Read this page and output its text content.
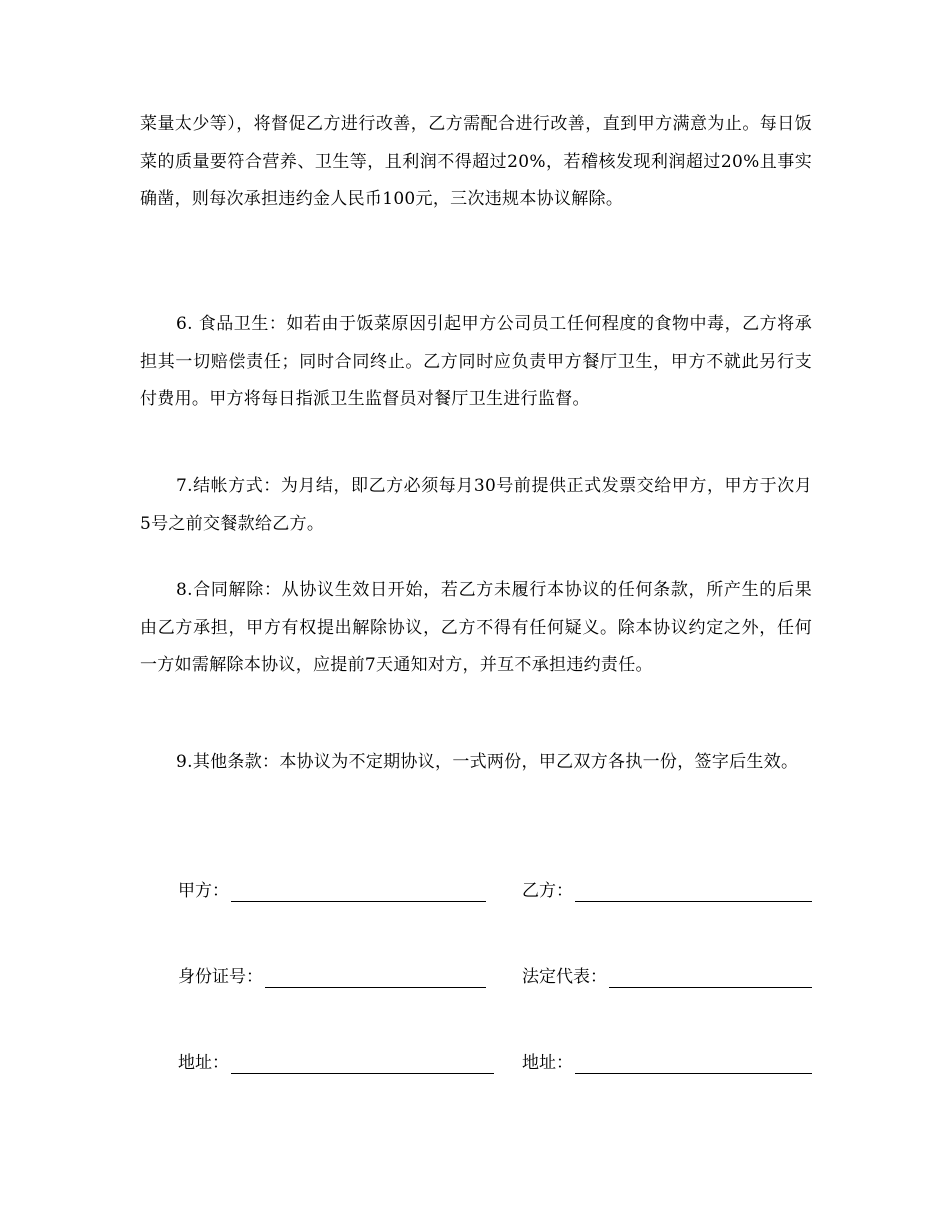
菜量太少等），将督促乙方进行改善，乙方需配合进行改善，直到甲方满意为止。每日饭菜的质量要符合营养、卫生等，且利润不得超过20%，若稽核发现利润超过20%且事实确凿，则每次承担违约金人民币100元，三次违规本协议解除。

6. 食品卫生：如若由于饭菜原因引起甲方公司员工任何程度的食物中毒，乙方将承担其一切赔偿责任；同时合同终止。乙方同时应负责甲方餐厅卫生，甲方不就此另行支付费用。甲方将每日指派卫生监督员对餐厅卫生进行监督。

7.结帐方式：为月结，即乙方必须每月30号前提供正式发票交给甲方，甲方于次月5号之前交餐款给乙方。

8.合同解除：从协议生效日开始，若乙方未履行本协议的任何条款，所产生的后果由乙方承担，甲方有权提出解除协议，乙方不得有任何疑义。除本协议约定之外，任何一方如需解除本协议，应提前7天通知对方，并互不承担违约责任。

9.其他条款：本协议为不定期协议，一式两份，甲乙双方各执一份，签字后生效。

甲方：	乙方：
身份证号：	法定代表：
地址：	地址：
